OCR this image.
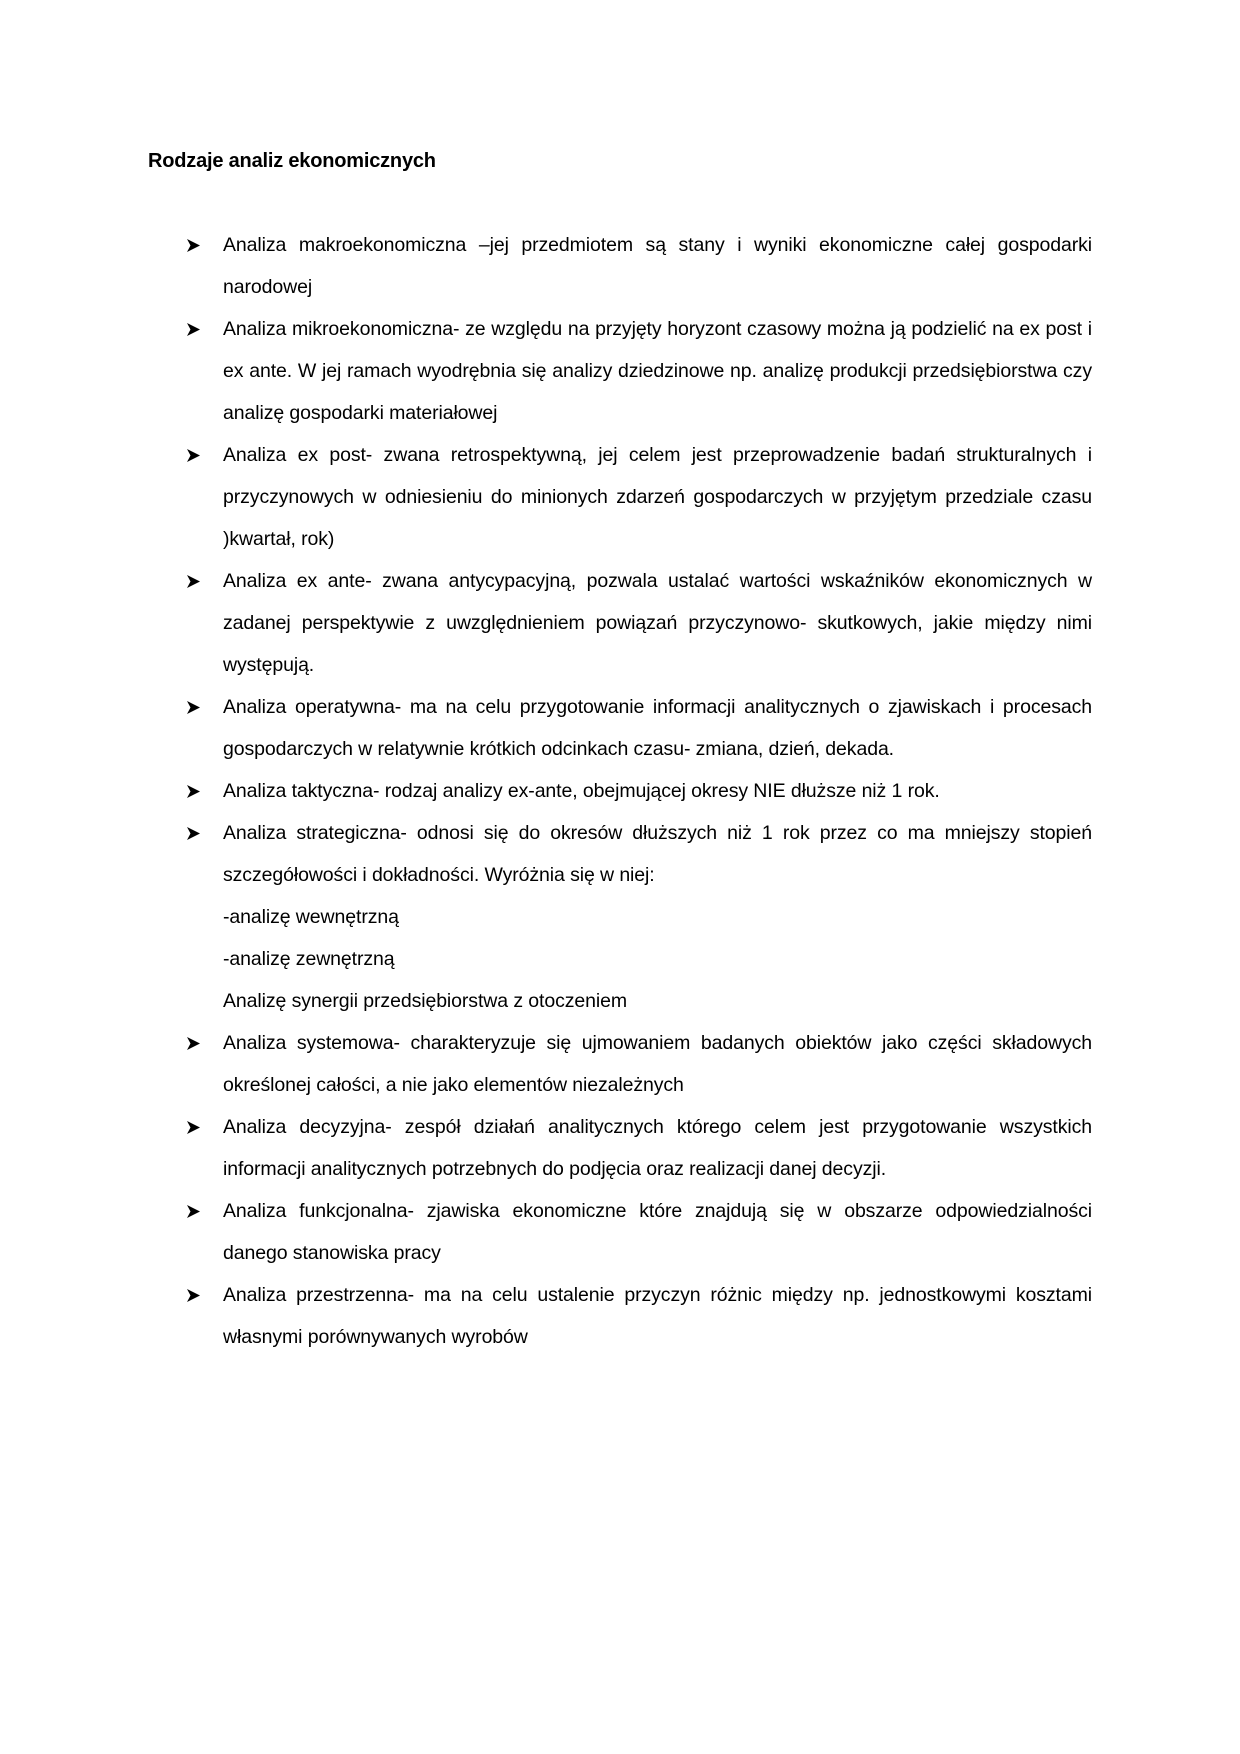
Rodzaje analiz ekonomicznych
Analiza makroekonomiczna –jej przedmiotem są stany i wyniki ekonomiczne całej gospodarki narodowej
Analiza mikroekonomiczna- ze względu na przyjęty horyzont czasowy można ją podzielić na ex post i ex ante. W jej ramach wyodrębnia się analizy dziedzinowe np. analizę produkcji przedsiębiorstwa czy analizę gospodarki materiałowej
Analiza ex post- zwana retrospektywną, jej celem jest przeprowadzenie badań strukturalnych i przyczynowych w odniesieniu do minionych zdarzeń gospodarczych w przyjętym przedziale czasu )kwartał, rok)
Analiza ex ante- zwana antycypacyjną, pozwala ustalać wartości wskaźników ekonomicznych w zadanej perspektywie z uwzględnieniem powiązań przyczynowo- skutkowych, jakie między nimi występują.
Analiza operatywna- ma na celu przygotowanie informacji analitycznych o zjawiskach i procesach gospodarczych w relatywnie krótkich odcinkach czasu- zmiana, dzień, dekada.
Analiza taktyczna- rodzaj analizy ex-ante, obejmującej okresy NIE dłuższe niż 1 rok.
Analiza strategiczna- odnosi się do okresów dłuższych niż 1 rok przez co ma mniejszy stopień szczegółowości i dokładności. Wyróżnia się w niej:
-analizę wewnętrzną
-analizę zewnętrzną
Analizę synergii przedsiębiorstwa z otoczeniem
Analiza systemowa- charakteryzuje się ujmowaniem badanych obiektów jako części składowych określonej całości, a nie jako elementów niezależnych
Analiza decyzyjna- zespół działań analitycznych którego celem jest przygotowanie wszystkich informacji analitycznych potrzebnych do podjęcia oraz realizacji danej decyzji.
Analiza funkcjonalna- zjawiska ekonomiczne które znajdują się w obszarze odpowiedzialności danego stanowiska pracy
Analiza przestrzenna- ma na celu ustalenie przyczyn różnic między np. jednostkowymi kosztami własnymi porównywanych wyrobów
